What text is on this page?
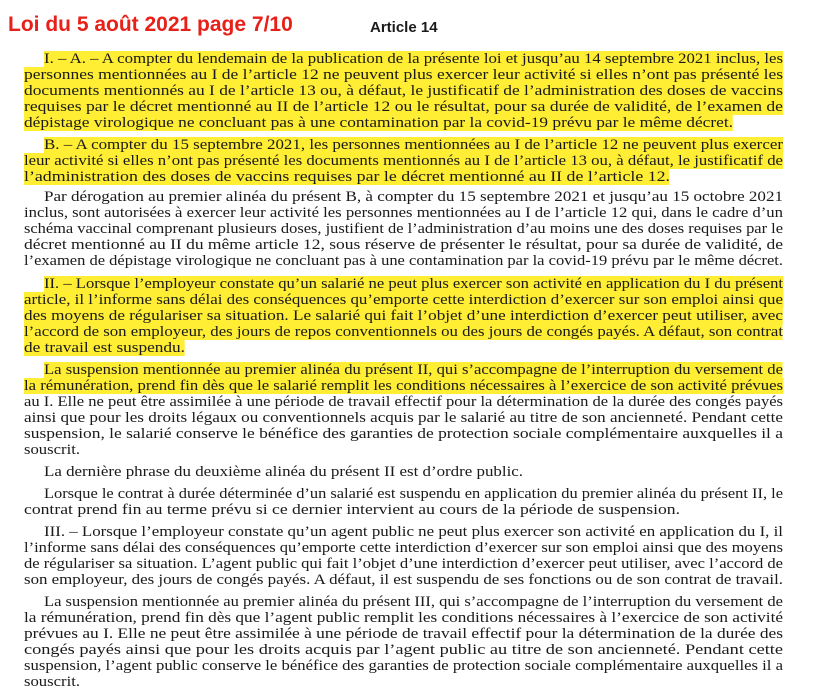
Loi du 5 août 2021 page 7/10	Article 14
I. – A. – A compter du lendemain de la publication de la présente loi et jusqu’au 14 septembre 2021 inclus, les
personnes mentionnées au I de l’article 12 ne peuvent plus exercer leur activité si elles n’ont pas présenté les
documents mentionnés au I de l’article 13 ou, à défaut, le justificatif de l’administration des doses de vaccins
requises par le décret mentionné au II de l’article 12 ou le résultat, pour sa durée de validité, de l’examen de
dépistage virologique ne concluant pas à une contamination par la covid-19 prévu par le même décret.
B. – A compter du 15 septembre 2021, les personnes mentionnées au I de l’article 12 ne peuvent plus exercer
leur activité si elles n’ont pas présenté les documents mentionnés au I de l’article 13 ou, à défaut, le justificatif de
l’administration des doses de vaccins requises par le décret mentionné au II de l’article 12.
Par dérogation au premier alinéa du présent B, à compter du 15 septembre 2021 et jusqu’au 15 octobre 2021
inclus, sont autorisées à exercer leur activité les personnes mentionnées au I de l’article 12 qui, dans le cadre d’un
schéma vaccinal comprenant plusieurs doses, justifient de l’administration d’au moins une des doses requises par le
décret mentionné au II du même article 12, sous réserve de présenter le résultat, pour sa durée de validité, de
l’examen de dépistage virologique ne concluant pas à une contamination par la covid-19 prévu par le même décret.
II. – Lorsque l’employeur constate qu’un salarié ne peut plus exercer son activité en application du I du présent
article, il l’informe sans délai des conséquences qu’emporte cette interdiction d’exercer sur son emploi ainsi que
des moyens de régulariser sa situation. Le salarié qui fait l’objet d’une interdiction d’exercer peut utiliser, avec
l’accord de son employeur, des jours de repos conventionnels ou des jours de congés payés. A défaut, son contrat
de travail est suspendu.
La suspension mentionnée au premier alinéa du présent II, qui s’accompagne de l’interruption du versement de
la rémunération, prend fin dès que le salarié remplit les conditions nécessaires à l’exercice de son activité prévues
au I. Elle ne peut être assimilée à une période de travail effectif pour la détermination de la durée des congés payés
ainsi que pour les droits légaux ou conventionnels acquis par le salarié au titre de son ancienneté. Pendant cette
suspension, le salarié conserve le bénéfice des garanties de protection sociale complémentaire auxquelles il a
souscrit.
La dernière phrase du deuxième alinéa du présent II est d’ordre public.
Lorsque le contrat à durée déterminée d’un salarié est suspendu en application du premier alinéa du présent II, le
contrat prend fin au terme prévu si ce dernier intervient au cours de la période de suspension.
III. – Lorsque l’employeur constate qu’un agent public ne peut plus exercer son activité en application du I, il
l’informe sans délai des conséquences qu’emporte cette interdiction d’exercer sur son emploi ainsi que des moyens
de régulariser sa situation. L’agent public qui fait l’objet d’une interdiction d’exercer peut utiliser, avec l’accord de
son employeur, des jours de congés payés. A défaut, il est suspendu de ses fonctions ou de son contrat de travail.
La suspension mentionnée au premier alinéa du présent III, qui s’accompagne de l’interruption du versement de
la rémunération, prend fin dès que l’agent public remplit les conditions nécessaires à l’exercice de son activité
prévues au I. Elle ne peut être assimilée à une période de travail effectif pour la détermination de la durée des
congés payés ainsi que pour les droits acquis par l’agent public au titre de son ancienneté. Pendant cette
suspension, l’agent public conserve le bénéfice des garanties de protection sociale complémentaire auxquelles il a
souscrit.
